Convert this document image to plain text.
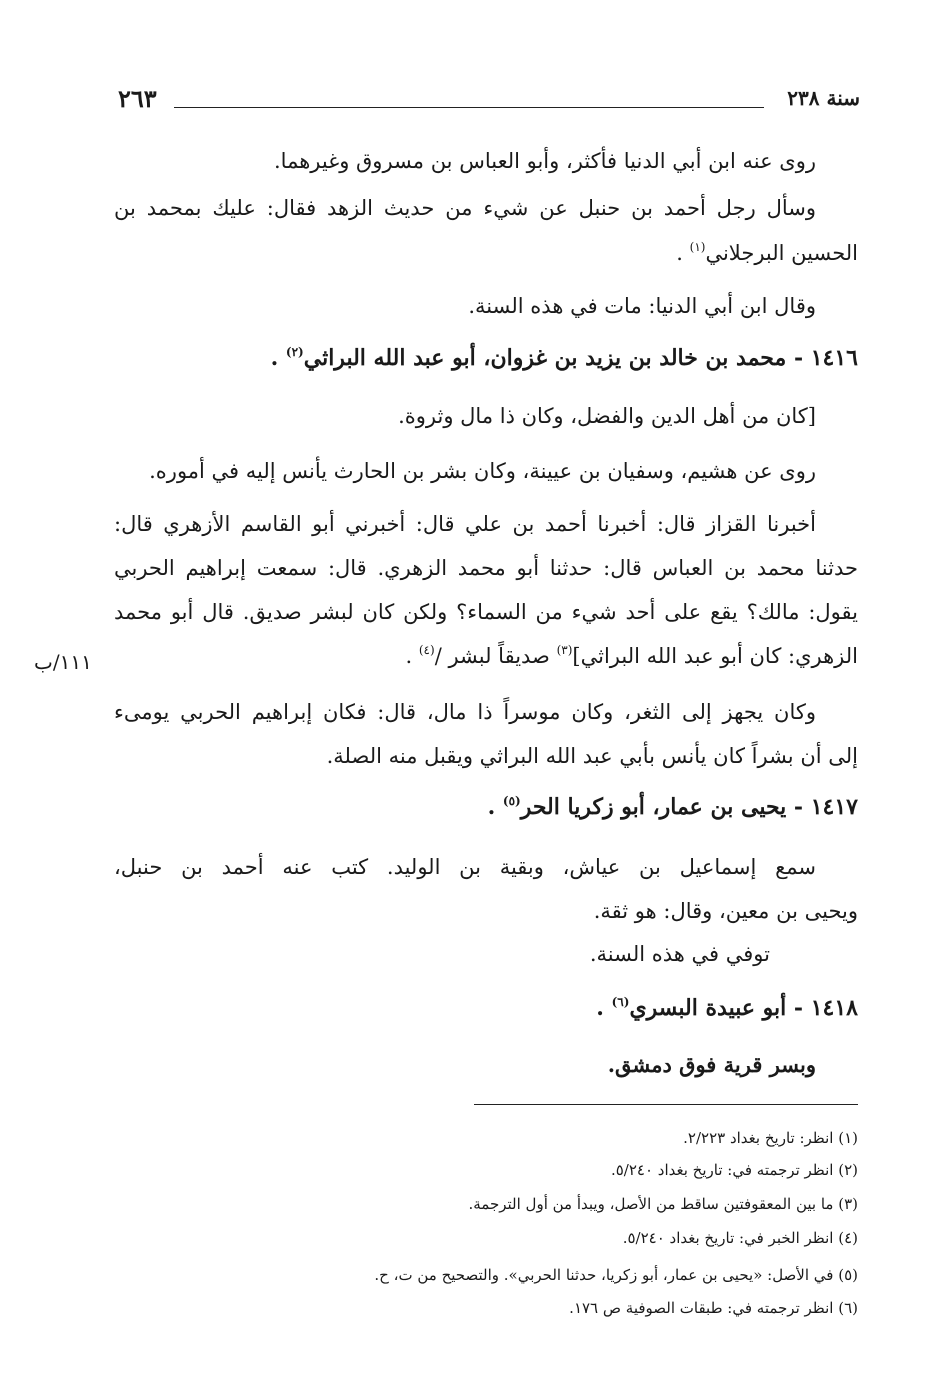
سنة ٢٣٨
٢٦٣
روى عنه ابن أبي الدنيا فأكثر، وأبو العباس بن مسروق وغيرهما.
وسأل رجل أحمد بن حنبل عن شيء من حديث الزهد فقال: عليك بمحمد بن
الحسين البرجلاني$^{(١)}$ .
وقال ابن أبي الدنيا: مات في هذه السنة.
١٤١٦ - محمد بن خالد بن يزيد بن غزوان، أبو عبد الله البراثي$^{(٢)}$ .
[كان من أهل الدين والفضل، وكان ذا مال وثروة.
روى عن هشيم، وسفيان بن عيينة، وكان بشر بن الحارث يأنس إليه في أموره.
أخبرنا القزاز قال: أخبرنا أحمد بن علي قال: أخبرني أبو القاسم الأزهري قال:
حدثنا محمد بن العباس قال: حدثنا أبو محمد الزهري. قال: سمعت إبراهيم الحربي
يقول: مالك؟ يقع على أحد شيء من السماء؟ ولكن كان لبشر صديق. قال أبو محمد
الزهري: كان أبو عبد الله البراثي]$^{(٣)}$ صديقاً لبشر /$^{(٤)}$ .
١١١/ب
وكان يجهز إلى الثغر، وكان موسراً ذا مال، قال: فكان إبراهيم الحربي يومىء
إلى أن بشراً كان يأنس بأبي عبد الله البراثي ويقبل منه الصلة.
١٤١٧ - يحيى بن عمار، أبو زكريا الحر$^{(٥)}$ .
سمع إسماعيل بن عياش، وبقية بن الوليد. كتب عنه أحمد بن حنبل،
ويحيى بن معين، وقال: هو ثقة.
توفي في هذه السنة.
١٤١٨ - أبو عبيدة البسري$^{(٦)}$ .
وبسر قرية فوق دمشق.
(١) انظر: تاريخ بغداد ٢/٢٢٣.
(٢) انظر ترجمته في: تاريخ بغداد ٥/٢٤٠.
(٣) ما بين المعقوفتين ساقط من الأصل، ويبدأ من أول الترجمة.
(٤) انظر الخبر في: تاريخ بغداد ٥/٢٤٠.
(٥) في الأصل: «يحيى بن عمار، أبو زكريا، حدثنا الحربي». والتصحيح من ت، ح.
(٦) انظر ترجمته في: طبقات الصوفية ص ١٧٦.
